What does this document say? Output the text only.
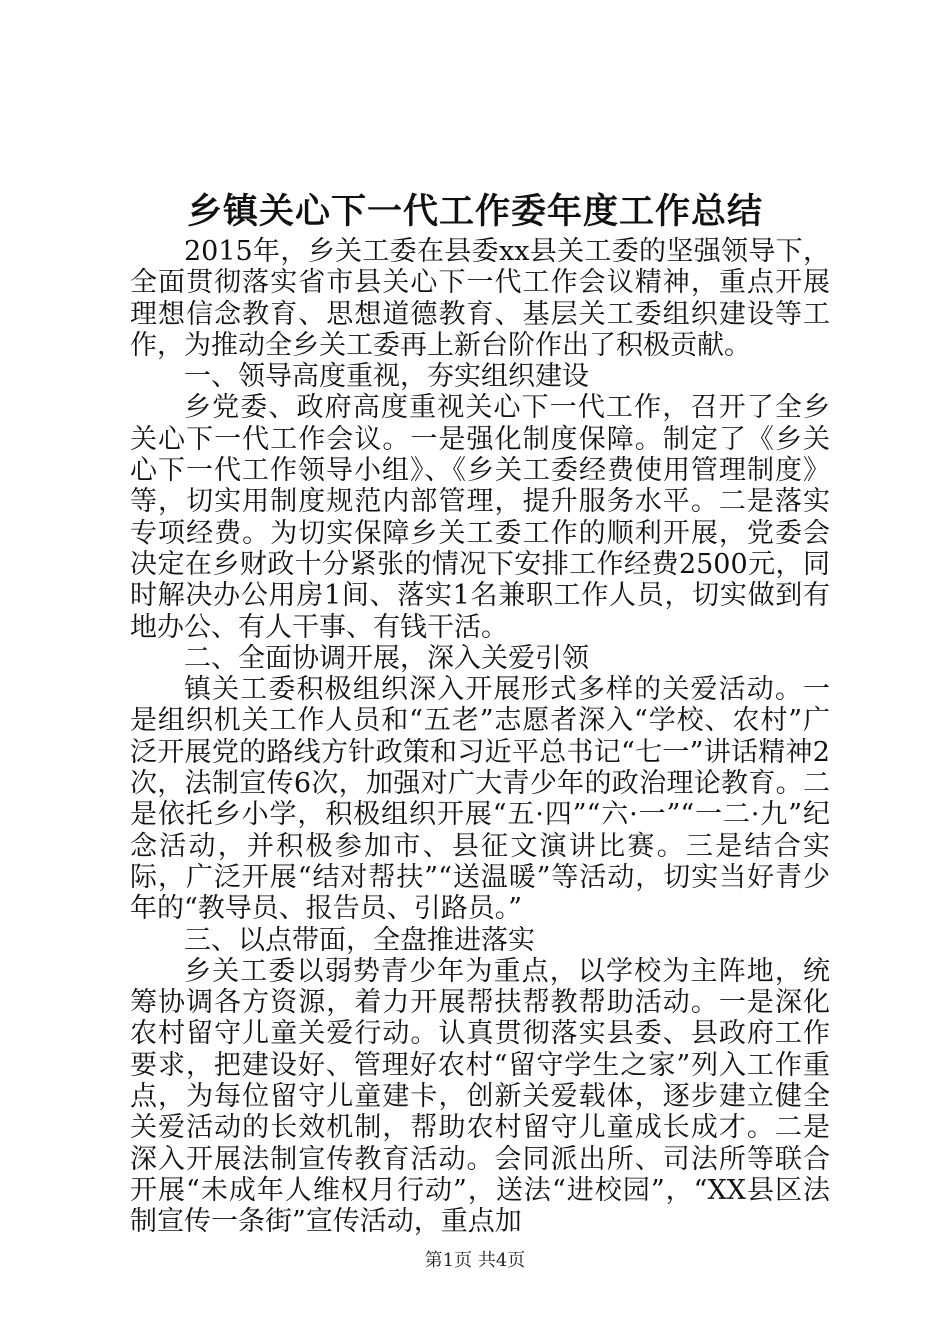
乡镇关心下一代工作委年度工作总结

2015年，乡关工委在县委xx县关工委的坚强领导下，全面贯彻落实省市县关心下一代工作会议精神，重点开展理想信念教育、思想道德教育、基层关工委组织建设等工作，为推动全乡关工委再上新台阶作出了积极贡献。

一、领导高度重视，夯实组织建设

乡党委、政府高度重视关心下一代工作，召开了全乡关心下一代工作会议。一是强化制度保障。制定了《乡关心下一代工作领导小组》、《乡关工委经费使用管理制度》等，切实用制度规范内部管理，提升服务水平。二是落实专项经费。为切实保障乡关工委工作的顺利开展，党委会决定在乡财政十分紧张的情况下安排工作经费2500元，同时解决办公用房1间、落实1名兼职工作人员，切实做到有地办公、有人干事、有钱干活。

二、全面协调开展，深入关爱引领

镇关工委积极组织深入开展形式多样的关爱活动。一是组织机关工作人员和“五老”志愿者深入“学校、农村”广泛开展党的路线方针政策和习近平总书记“七一”讲话精神2次，法制宣传6次，加强对广大青少年的政治理论教育。二是依托乡小学，积极组织开展“五·四”“六·一”“一二·九”纪念活动，并积极参加市、县征文演讲比赛。三是结合实际，广泛开展“结对帮扶”“送温暖”等活动，切实当好青少年的“教导员、报告员、引路员。”

三、以点带面，全盘推进落实

乡关工委以弱势青少年为重点，以学校为主阵地，统筹协调各方资源，着力开展帮扶帮教帮助活动。一是深化农村留守儿童关爱行动。认真贯彻落实县委、县政府工作要求，把建设好、管理好农村“留守学生之家”列入工作重点，为每位留守儿童建卡，创新关爱载体，逐步建立健全关爱活动的长效机制，帮助农村留守儿童成长成才。二是深入开展法制宣传教育活动。会同派出所、司法所等联合开展“未成年人维权月行动”，送法“进校园”，“XX县区法制宣传一条街”宣传活动，重点加

第1页 共4页
